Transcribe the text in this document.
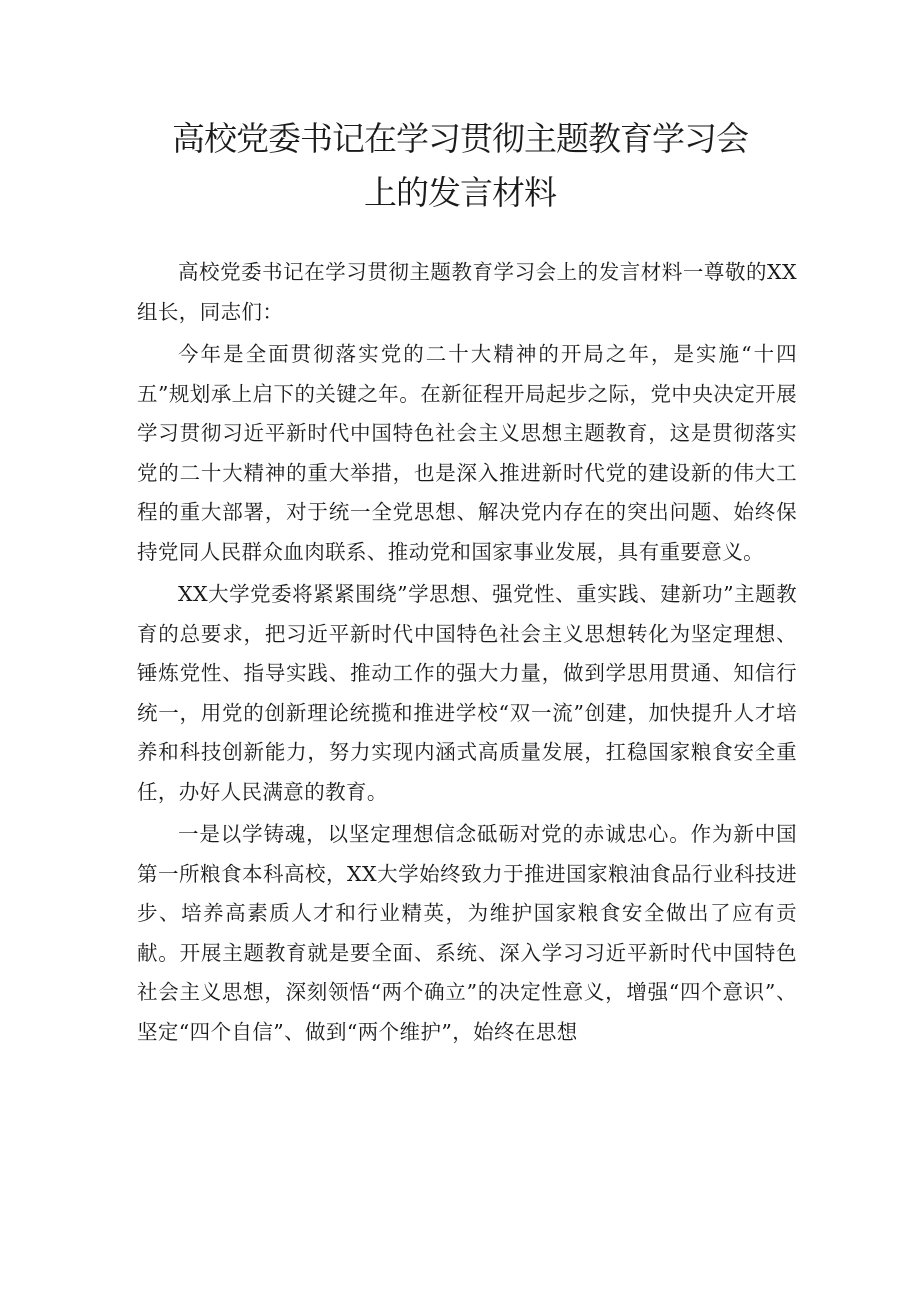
高校党委书记在学习贯彻主题教育学习会
上的发言材料

高校党委书记在学习贯彻主题教育学习会上的发言材料一尊敬的XX组长，同志们：

今年是全面贯彻落实党的二十大精神的开局之年，是实施“十四五”规划承上启下的关键之年。在新征程开局起步之际，党中央决定开展学习贯彻习近平新时代中国特色社会主义思想主题教育，这是贯彻落实党的二十大精神的重大举措，也是深入推进新时代党的建设新的伟大工程的重大部署，对于统一全党思想、解决党内存在的突出问题、始终保持党同人民群众血肉联系、推动党和国家事业发展，具有重要意义。

XX大学党委将紧紧围绕”学思想、强党性、重实践、建新功”主题教育的总要求，把习近平新时代中国特色社会主义思想转化为坚定理想、锤炼党性、指导实践、推动工作的强大力量，做到学思用贯通、知信行统一，用党的创新理论统揽和推进学校“双一流”创建，加快提升人才培养和科技创新能力，努力实现内涵式高质量发展，扛稳国家粮食安全重任，办好人民满意的教育。

一是以学铸魂，以坚定理想信念砥砺对党的赤诚忠心。作为新中国第一所粮食本科高校，XX大学始终致力于推进国家粮油食品行业科技进步、培养高素质人才和行业精英，为维护国家粮食安全做出了应有贡献。开展主题教育就是要全面、系统、深入学习习近平新时代中国特色社会主义思想，深刻领悟“两个确立”的决定性意义，增强“四个意识”、坚定“四个自信”、做到“两个维护”，始终在思想
